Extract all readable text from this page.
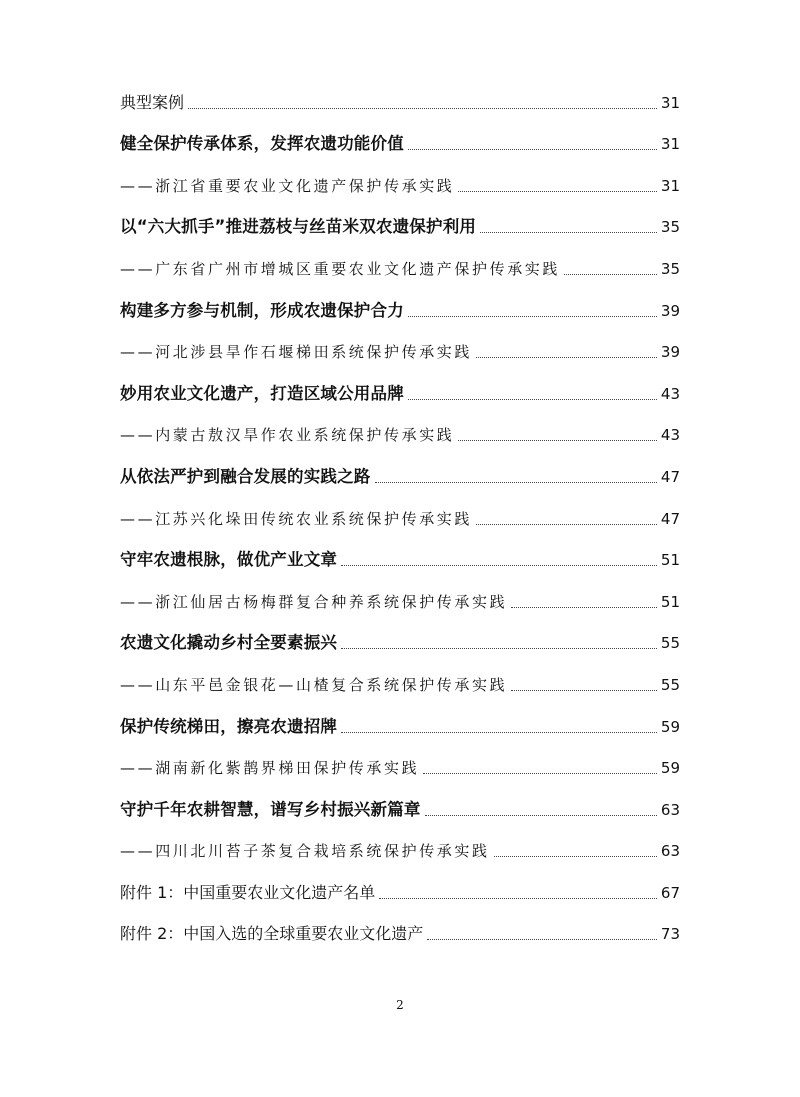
典型案例	31
健全保护传承体系，发挥农遗功能价值	31
——浙江省重要农业文化遗产保护传承实践	31
以“六大抓手”推进荔枝与丝苗米双农遗保护利用	35
——广东省广州市增城区重要农业文化遗产保护传承实践	35
构建多方参与机制，形成农遗保护合力	39
——河北涉县旱作石堰梯田系统保护传承实践	39
妙用农业文化遗产，打造区域公用品牌	43
——内蒙古敖汉旱作农业系统保护传承实践	43
从依法严护到融合发展的实践之路	47
——江苏兴化垛田传统农业系统保护传承实践	47
守牢农遗根脉，做优产业文章	51
——浙江仙居古杨梅群复合种养系统保护传承实践	51
农遗文化撬动乡村全要素振兴	55
——山东平邑金银花—山楂复合系统保护传承实践	55
保护传统梯田，擦亮农遗招牌	59
——湖南新化紫鹊界梯田保护传承实践	59
守护千年农耕智慧，谱写乡村振兴新篇章	63
——四川北川苔子茶复合栽培系统保护传承实践	63
附件 1：中国重要农业文化遗产名单	67
附件 2：中国入选的全球重要农业文化遗产	73
2
